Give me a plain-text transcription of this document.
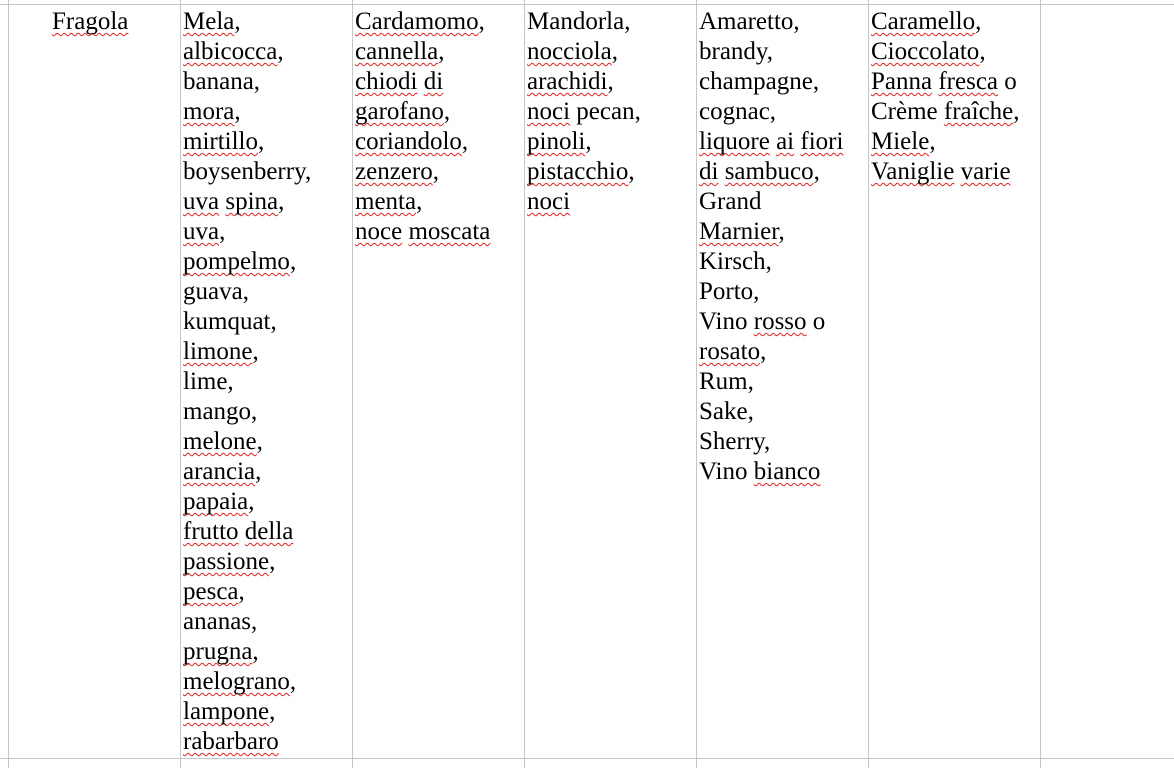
Fragola	Mela,
albicocca,
banana,
mora,
mirtillo,
boysenberry,
uva spina,
uva,
pompelmo,
guava,
kumquat,
limone,
lime,
mango,
melone,
arancia,
papaia,
frutto della
passione,
pesca,
ananas,
prugna,
melograno,
lampone,
rabarbaro
Cardamomo,
cannella,
chiodi di
garofano,
coriandolo,
zenzero,
menta,
noce moscata
Mandorla,
nocciola,
arachidi,
noci pecan,
pinoli,
pistacchio,
noci
Amaretto,
brandy,
champagne,
cognac,
liquore ai fiori
di sambuco,
Grand
Marnier,
Kirsch,
Porto,
Vino rosso o
rosato,
Rum,
Sake,
Sherry,
Vino bianco
Caramello,
Cioccolato,
Panna fresca o
Crème fraîche,
Miele,
Vaniglie varie
